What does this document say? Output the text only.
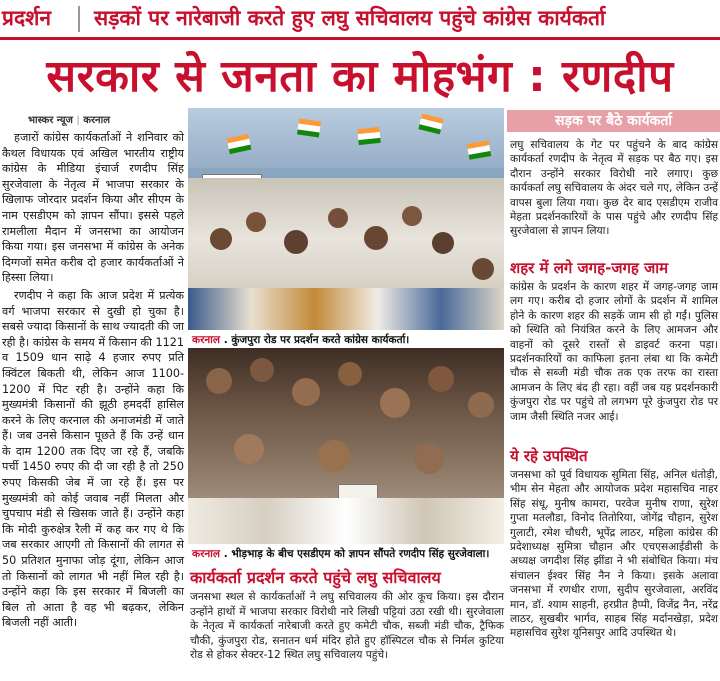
प्रदर्शन सड़कों पर नारेबाजी करते हुए लघु सचिवालय पहुंचे कांग्रेस कार्यकर्ता
सरकार से जनता का मोहभंग : रणदीप
भास्कर न्यूज | करनाल

हजारों कांग्रेस कार्यकर्ताओं ने शनिवार को कैथल विधायक एवं अखिल भारतीय राष्ट्रीय कांग्रेस के मीडिया इंचार्ज रणदीप सिंह सुरजेवाला के नेतृत्व में भाजपा सरकार के खिलाफ जोरदार प्रदर्शन किया और सीएम के नाम एसडीएम को ज्ञापन सौंपा। इससे पहले रामलीला मैदान में जनसभा का आयोजन किया गया। इस जनसभा में कांग्रेस के अनेक दिग्गजों समेत करीब दो हजार कार्यकर्ताओं ने हिस्सा लिया।

रणदीप ने कहा कि आज प्रदेश में प्रत्येक वर्ग भाजपा सरकार से दुखी हो चुका है। सबसे ज्यादा किसानों के साथ ज्यादती की जा रही है। कांग्रेस के समय में किसान की 1121 व 1509 धान साढ़े 4 हजार रुपए प्रति क्विंटल बिकती थी, लेकिन आज 1100-1200 में पिट रही है। उन्होंने कहा कि मुख्यमंत्री किसानों की झूठी हमदर्दी हासिल करने के लिए करनाल की अनाजमंडी में जाते हैं। जब उनसे किसान पूछते हैं कि उन्हें धान के दाम 1200 तक दिए जा रहे हैं, जबकि पर्ची 1450 रुपए की दी जा रही है तो 250 रुपए किसकी जेब में जा रहे हैं। इस पर मुख्यमंत्री को कोई जवाब नहीं मिलता और चुपचाप मंडी से खिसक जाते हैं। उन्होंने कहा कि मोदी कुरुक्षेत्र रैली में कह कर गए थे कि जब सरकार आएगी तो किसानों की लागत से 50 प्रतिशत मुनाफा जोड़ दूंगा, लेकिन आज तो किसानों को लागत भी नहीं मिल रही है। उन्होंने कहा कि इस सरकार में बिजली का बिल तो आता है वह भी बढ़कर, लेकिन बिजली नहीं आती।

करनाल . कुंजपुरा रोड पर प्रदर्शन करते कांग्रेस कार्यकर्ता।
करनाल . भीड़भाड़ के बीच एसडीएम को ज्ञापन सौंपते रणदीप सिंह सुरजेवाला।
कार्यकर्ता प्रदर्शन करते पहुंचे लघु सचिवालय
जनसभा स्थल से कार्यकर्ताओं ने लघु सचिवालय की ओर कूच किया। इस दौरान उन्होंने हाथों में भाजपा सरकार विरोधी नारे लिखी पट्टियां उठा रखी थी। सुरजेवाला के नेतृत्व में कार्यकर्ता नारेबाजी करते हुए कमेटी चौक, सब्जी मंडी चौक, ट्रैफिक चौकी, कुंजपुरा रोड, सनातन धर्म मंदिर होते हुए हॉस्पिटल चौक से निर्मल कुटिया रोड से होकर सेक्टर-12 स्थित लघु सचिवालय पहुंचे।
सड़क पर बैठे कार्यकर्ता
लघु सचिवालय के गेट पर पहुंचने के बाद कांग्रेस कार्यकर्ता रणदीप के नेतृत्व में सड़क पर बैठ गए। इस दौरान उन्होंने सरकार विरोधी नारे लगाए। कुछ कार्यकर्ता लघु सचिवालय के अंदर चले गए, लेकिन उन्हें वापस बुला लिया गया। कुछ देर बाद एसडीएम राजीव मेहता प्रदर्शनकारियों के पास पहुंचे और रणदीप सिंह सुरजेवाला से ज्ञापन लिया।
शहर में लगे जगह-जगह जाम
कांग्रेस के प्रदर्शन के कारण शहर में जगह-जगह जाम लग गए। करीब दो हजार लोगों के प्रदर्शन में शामिल होने के कारण शहर की सड़कें जाम सी हो गईं। पुलिस को स्थिति को नियंत्रित करने के लिए आमजन और वाहनों को दूसरे रास्तों से डाइवर्ट करना पड़ा। प्रदर्शनकारियों का काफिला इतना लंबा था कि कमेटी चौक से सब्जी मंडी चौक तक एक तरफ का रास्ता आमजन के लिए बंद ही रहा। वहीं जब यह प्रदर्शनकारी कुंजपुरा रोड पर पहुंचे तो लगभग पूरे कुंजपुरा रोड पर जाम जैसी स्थिति नजर आई।
ये रहे उपस्थित
जनसभा को पूर्व विधायक सुमिता सिंह, अनिल धंतोड़ी, भीम सेन मेहता और आयोजक प्रदेश महासचिव नाहर सिंह संधू, मुनीष कामरा, परवेज मुनीष राणा, सुरेश गुप्ता मतलौडा, विनोद तितोरिया, जोगेंद्र चौहान, सुरेश गुलाटी, रमेश चौधरी, भूपेंद्र लाठर, महिला कांग्रेस की प्रदेशाध्यक्ष सुमित्रा चौहान और एचएसआईडीसी के अध्यक्ष जगदीश सिंह झींडा ने भी संबोधित किया। मंच संचालन ईश्वर सिंह नैन ने किया। इसके अलावा जनसभा में रणधीर राणा, सुदीप सुरजेवाला, अरविंद मान, डॉ. श्याम साहनी, हरप्रीत हैप्पी, विजेंद्र नैन, नरेंद्र लाठर, सुखबीर भार्गव, साहब सिंह मर्दानखेड़ा, प्रदेश महासचिव सुरेश यूनिसपुर आदि उपस्थित थे।
